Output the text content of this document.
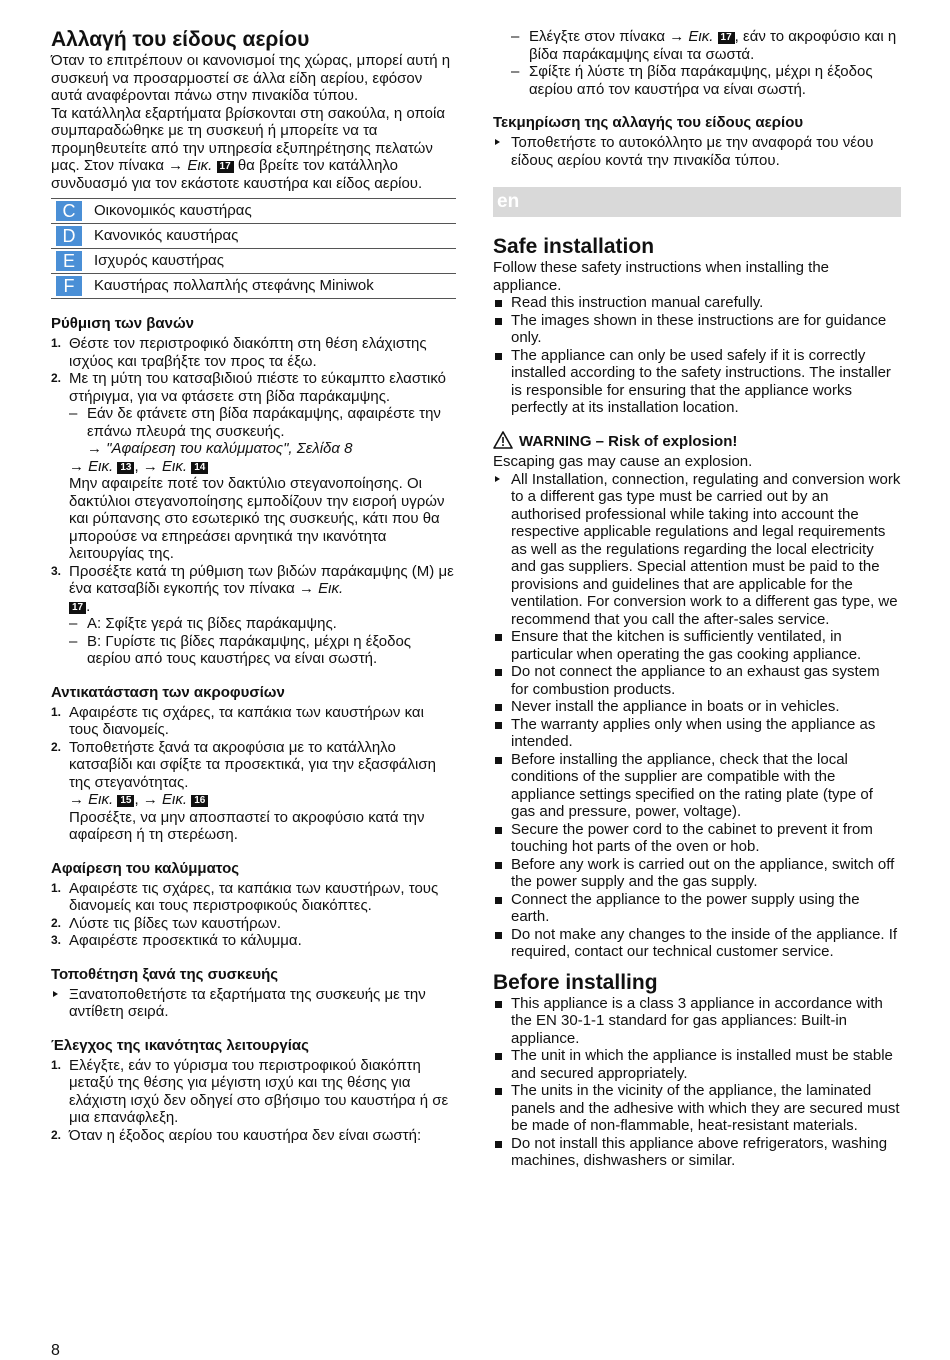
Αλλαγή του είδους αερίου

Όταν το επιτρέπουν οι κανονισμοί της χώρας, μπορεί αυτή η συσκευή να προσαρμοστεί σε άλλα είδη αερίου, εφόσον αυτά αναφέρονται πάνω στην πινακίδα τύπου.

Τα κατάλληλα εξαρτήματα βρίσκονται στη σακούλα, η οποία συμπαραδώθηκε με τη συσκευή ή μπορείτε να τα προμηθευτείτε από την υπηρεσία εξυπηρέτησης πελατών μας. Στον πίνακα → Εικ. 17 θα βρείτε τον κατάλληλο συνδυασμό για τον εκάστοτε καυστήρα και είδος αερίου.

C Οικονομικός καυστήρας
D Κανονικός καυστήρας
E Ισχυρός καυστήρας
F Καυστήρας πολλαπλής στεφάνης Miniwok
Ρύθμιση των βανών
1. Θέστε τον περιστροφικό διακόπτη στη θέση ελάχιστης ισχύος και τραβήξτε τον προς τα έξω.
2. Με τη μύτη του κατσαβιδιού πιέστε το εύκαμπτο ελαστικό στήριγμα, για να φτάσετε στη βίδα παράκαμψης.
– Εάν δε φτάνετε στη βίδα παράκαμψης, αφαιρέστε την επάνω πλευρά της συσκευής.
→ "Αφαίρεση του καλύμματος", Σελίδα 8
→ Εικ. 13 , → Εικ. 14

Μην αφαιρείτε ποτέ τον δακτύλιο στεγανοποίησης. Οι δακτύλιοι στεγανοποίησης εμποδίζουν την εισροή υγρών και ρύπανσης στο εσωτερικό της συσκευής, κάτι που θα μπορούσε να επηρεάσει αρνητικά την ικανότητα λειτουργίας της.

3. Προσέξτε κατά τη ρύθμιση των βιδών παράκαμψης (M) με ένα κατσαβίδι εγκοπής τον πίνακα → Εικ.
17 .
– A: Σφίξτε γερά τις βίδες παράκαμψης.
– B: Γυρίστε τις βίδες παράκαμψης, μέχρι η έξοδος αερίου από τους καυστήρες να είναι σωστή.
Αντικατάσταση των ακροφυσίων
1. Αφαιρέστε τις σχάρες, τα καπάκια των καυστήρων και τους διανομείς.
2. Τοποθετήστε ξανά τα ακροφύσια με το κατάλληλο κατσαβίδι και σφίξτε τα προσεκτικά, για την εξασφάλιση της στεγανότητας.
→ Εικ. 15 , → Εικ. 16

Προσέξτε, να μην αποσπαστεί το ακροφύσιο κατά την αφαίρεση ή τη στερέωση.

Αφαίρεση του καλύμματος
1. Αφαιρέστε τις σχάρες, τα καπάκια των καυστήρων, τους διανομείς και τους περιστροφικούς διακόπτες.
2. Λύστε τις βίδες των καυστήρων.
3. Αφαιρέστε προσεκτικά το κάλυμμα.
Τοποθέτηση ξανά της συσκευής
Ξανατοποθετήστε τα εξαρτήματα της συσκευής με την αντίθετη σειρά.
Έλεγχος της ικανότητας λειτουργίας
1. Ελέγξτε, εάν το γύρισμα του περιστροφικού διακόπτη μεταξύ της θέσης για μέγιστη ισχύ και της θέσης για ελάχιστη ισχύ δεν οδηγεί στο σβήσιμο του καυστήρα ή σε μια επανάφλεξη.
2. Όταν η έξοδος αερίου του καυστήρα δεν είναι σωστή:
– Ελέγξτε στον πίνακα → Εικ. 17 , εάν το ακροφύσιο και η βίδα παράκαμψης είναι τα σωστά.
– Σφίξτε ή λύστε τη βίδα παράκαμψης, μέχρι η έξοδος αερίου από τον καυστήρα να είναι σωστή.
Τεκμηρίωση της αλλαγής του είδους αερίου
Τοποθετήστε το αυτοκόλλητο με την αναφορά του νέου είδους αερίου κοντά την πινακίδα τύπου.
en
Safe installation

Follow these safety instructions when installing the appliance.

Read this instruction manual carefully.
The images shown in these instructions are for guidance only.
The appliance can only be used safely if it is correctly installed according to the safety instructions. The installer is responsible for ensuring that the appliance works perfectly at its installation location.
WARNING – Risk of explosion!

Escaping gas may cause an explosion.

All Installation, connection, regulating and conversion work to a different gas type must be carried out by an authorised professional while taking into account the respective applicable regulations and legal requirements as well as the regulations regarding the local electricity and gas suppliers. Special attention must be paid to the provisions and guidelines that are applicable for the ventilation. For conversion work to a different gas type, we recommend that you call the after-sales service.
Ensure that the kitchen is sufficiently ventilated, in particular when operating the gas cooking appliance.
Do not connect the appliance to an exhaust gas system for combustion products.
Never install the appliance in boats or in vehicles.
The warranty applies only when using the appliance as intended.
Before installing the appliance, check that the local conditions of the supplier are compatible with the appliance settings specified on the rating plate (type of gas and pressure, power, voltage).
Secure the power cord to the cabinet to prevent it from touching hot parts of the oven or hob.
Before any work is carried out on the appliance, switch off the power supply and the gas supply.
Connect the appliance to the power supply using the earth.
Do not make any changes to the inside of the appliance. If required, contact our technical customer service.
Before installing
This appliance is a class 3 appliance in accordance with the EN 30-1-1 standard for gas appliances: Built-in appliance.
The unit in which the appliance is installed must be stable and secured appropriately.
The units in the vicinity of the appliance, the laminated panels and the adhesive with which they are secured must be made of non-flammable, heat-resistant materials.
Do not install this appliance above refrigerators, washing machines, dishwashers or similar.
8
